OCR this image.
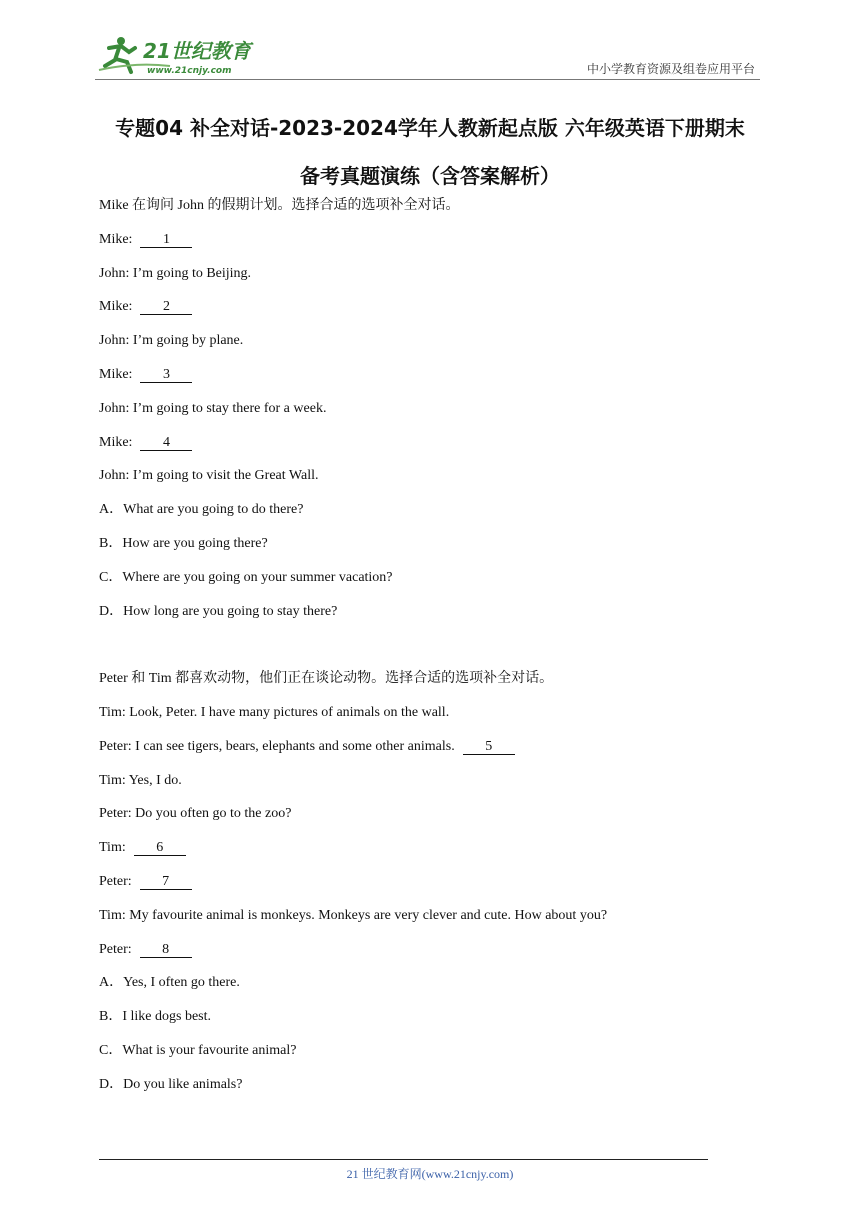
21世纪教育
www.21cnjy.com	中小学教育资源及组卷应用平台
专题04 补全对话-2023-2024学年人教新起点版 六年级英语下册期末
备考真题演练（含答案解析）
Mike 在询问 John 的假期计划。选择合适的选项补全对话。
Mike: 1
John: I’m going to Beijing.
Mike: 2
John: I’m going by plane.
Mike: 3
John: I’m going to stay there for a week.
Mike: 4
John: I’m going to visit the Great Wall.
A．What are you going to do there?
B．How are you going there?
C．Where are you going on your summer vacation?
D．How long are you going to stay there?
Peter 和 Tim 都喜欢动物，他们正在谈论动物。选择合适的选项补全对话。
Tim: Look, Peter. I have many pictures of animals on the wall.
Peter: I can see tigers, bears, elephants and some other animals. 5
Tim: Yes, I do.
Peter: Do you often go to the zoo?
Tim: 6
Peter: 7
Tim: My favourite animal is monkeys. Monkeys are very clever and cute. How about you?
Peter: 8
A．Yes, I often go there.
B．I like dogs best.
C．What is your favourite animal?
D．Do you like animals?
21 世纪教育网(www.21cnjy.com)
